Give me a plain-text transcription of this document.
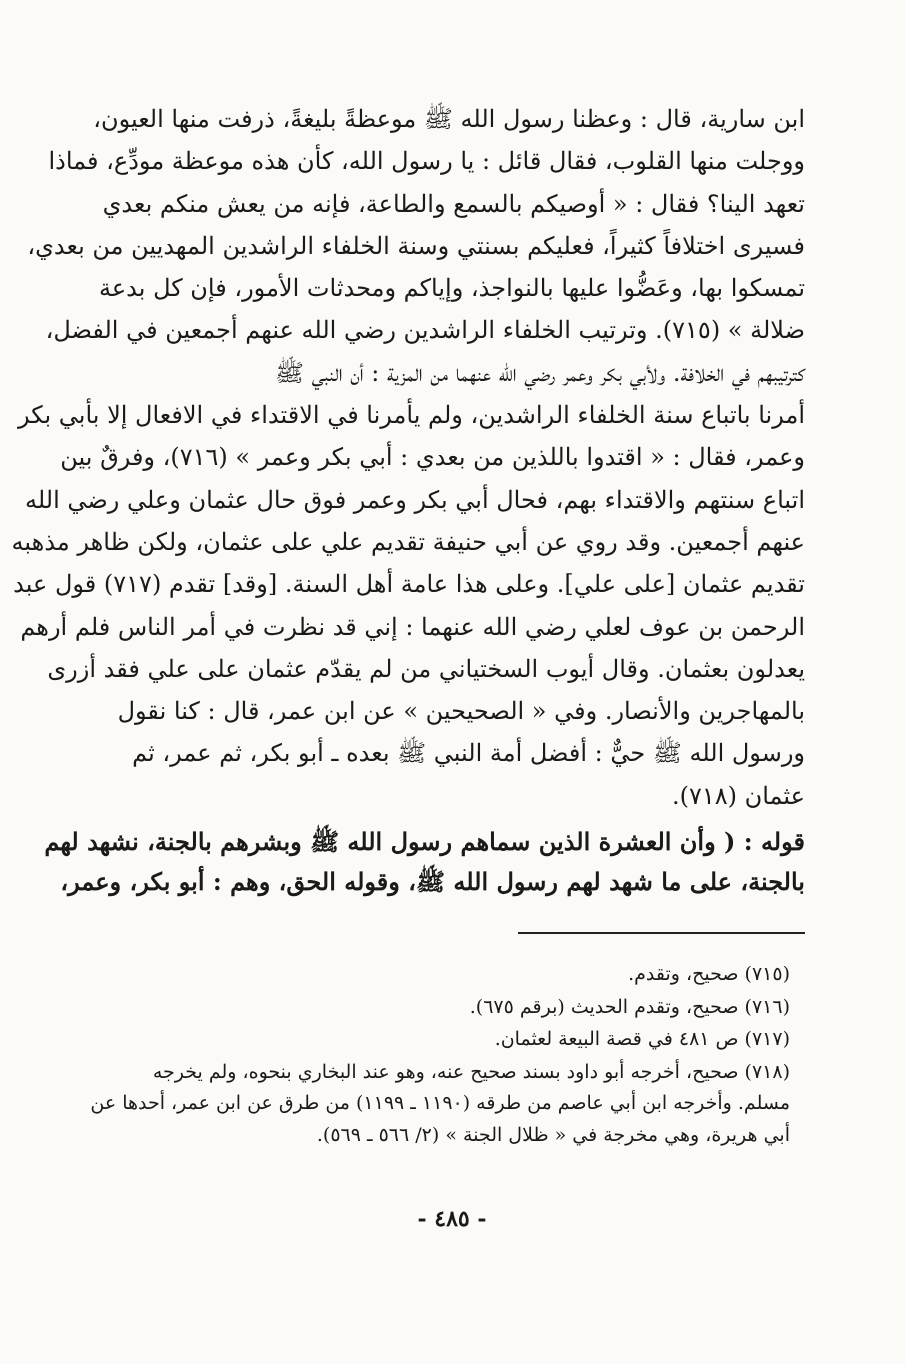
ابن سارية، قال : وعظنا رسول الله ﷺ موعظةً بليغةً، ذرفت منها العيون،
ووجلت منها القلوب، فقال قائل : يا رسول الله، كأن هذه موعظة مودِّع، فماذا
تعهد الينا؟ فقال : « أوصيكم بالسمع والطاعة، فإنه من يعش منكم بعدي
فسيرى اختلافاً كثيراً، فعليكم بسنتي وسنة الخلفاء الراشدين المهديين من بعدي،
تمسكوا بها، وعَضُّوا عليها بالنواجذ، وإياكم ومحدثات الأمور، فإن كل بدعة
ضلالة » (٧١٥). وترتيب الخلفاء الراشدين رضي الله عنهم أجمعين في الفضل،
كترتيبهم في الخلافة. ولأبي بكر وعمر رضي الله عنهما من المزية : أن النبي ﷺ
أمرنا باتباع سنة الخلفاء الراشدين، ولم يأمرنا في الاقتداء في الافعال إلا بأبي بكر
وعمر، فقال : « اقتدوا باللذين من بعدي : أبي بكر وعمر » (٧١٦)، وفرقٌ بين
اتباع سنتهم والاقتداء بهم، فحال أبي بكر وعمر فوق حال عثمان وعلي رضي الله
عنهم أجمعين. وقد روي عن أبي حنيفة تقديم علي على عثمان، ولكن ظاهر مذهبه
تقديم عثمان [على علي]. وعلى هذا عامة أهل السنة. [وقد] تقدم (٧١٧) قول عبد
الرحمن بن عوف لعلي رضي الله عنهما : إني قد نظرت في أمر الناس فلم أرهم
يعدلون بعثمان. وقال أيوب السختياني من لم يقدّم عثمان على علي فقد أزرى
بالمهاجرين والأنصار. وفي « الصحيحين » عن ابن عمر، قال : كنا نقول
ورسول الله ﷺ حيٌّ : أفضل أمة النبي ﷺ بعده ـ أبو بكر، ثم عمر، ثم
عثمان (٧١٨).
قوله : ( وأن العشرة الذين سماهم رسول الله ﷺ وبشرهم بالجنة، نشهد لهم
بالجنة، على ما شهد لهم رسول الله ﷺ، وقوله الحق، وهم : أبو بكر، وعمر،
(٧١٥) صحيح، وتقدم.
(٧١٦) صحيح، وتقدم الحديث (برقم ٦٧٥).
(٧١٧) ص ٤٨١ في قصة البيعة لعثمان.
(٧١٨) صحيح، أخرجه أبو داود بسند صحيح عنه، وهو عند البخاري بنحوه، ولم يخرجه
مسلم. وأخرجه ابن أبي عاصم من طرقه (١١٩٠ ـ ١١٩٩) من طرق عن ابن عمر، أحدها عن
أبي هريرة، وهي مخرجة في « ظلال الجنة » (٢/ ٥٦٦ ـ ٥٦٩).
- ٤٨٥ -
